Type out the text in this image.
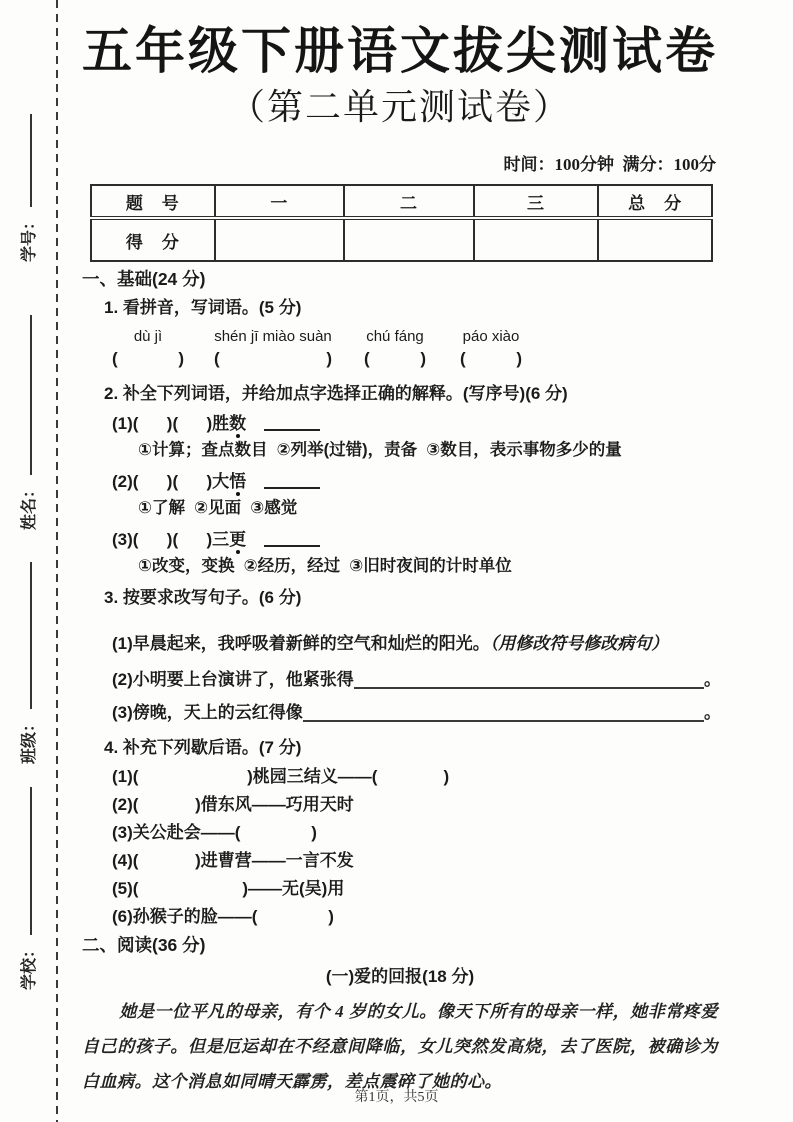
学号：
姓名：
班级：
学校：
五年级下册语文拔尖测试卷
（第二单元测试卷）
时间：100分钟  满分：100分
题　号	一	二	三	总　分
得　分				
一、基础(24 分)
1. 看拼音，写词语。(5 分)
dù jì
(	)
shén jī miào suàn
(	)
chú fáng
(	)
páo xiào
(	)
2. 补全下列词语，并给加点字选择正确的解释。(写序号)(6 分)
(1)(      )(      )胜数
①计算；查点数目  ②列举(过错)，责备  ③数目，表示事物多少的量
(2)(      )(      )大悟
①了解  ②见面  ③感觉
(3)(      )(      )三更
①改变，变换  ②经历，经过  ③旧时夜间的计时单位
3. 按要求改写句子。(6 分)
(1)早晨起来，我呼吸着新鲜的空气和灿烂的阳光。（用修改符号修改病句）
(2)小明要上台演讲了，他紧张得	。
(3)傍晚，天上的云红得像	。
4. 补充下列歇后语。(7 分)
(1)(                       )桃园三结义——(              )
(2)(            )借东风——巧用天时
(3)关公赴会——(               )
(4)(            )进曹营——一言不发
(5)(                      )——无(吴)用
(6)孙猴子的脸——(               )
二、阅读(36 分)
(一)爱的回报(18 分)
她是一位平凡的母亲，有个 4 岁的女儿。像天下所有的母亲一样，她非常疼爱自己的孩子。但是厄运却在不经意间降临，女儿突然发高烧，去了医院，被确诊为白血病。这个消息如同晴天霹雳，差点震碎了她的心。
第1页，共5页
